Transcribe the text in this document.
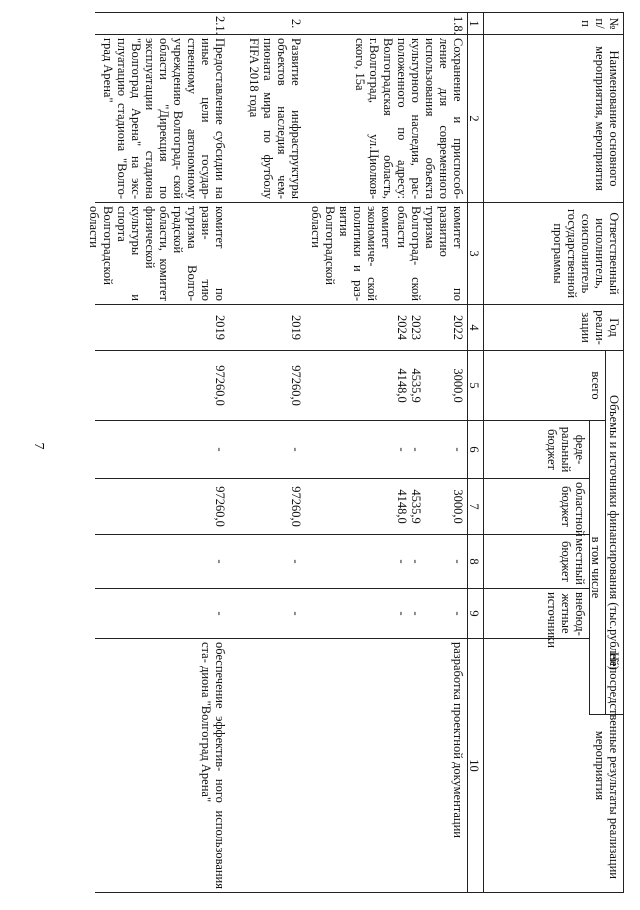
7
№ п/п
Наименование основного мероприятия, мероприятия
Ответственный исполнитель, соисполнитель государственной программы
Год реали- зации
Объемы и источники финансирования (тыс.рублей)
всего
в том числе
феде- ральный бюджет
областной бюджет
местный бюджет
внебюд- жетные источники
Непосредственные результаты реализации мероприятия
1
2
3
4
5
6
7
8
9
10
1.8.
Сохранение и приспособ- ление для современного использования объекта культурного наследия, рас- положенного по адресу: Волгоградская область, г.Волгоград, ул.Циолков- ского, 15а
комитет по развитию туризма Волгоград- ской области
комитет экономиче- ской политики и раз- вития Волгоградской области
2022
2023
2024
3000,0
4535,9
4148,0
-
-
-
3000,0
4535,9
4148,0
-
-
-
-
-
-
разработка проектной документации
2.
Развитие инфраструктуры объектов наследия чем- пионата мира по футболу FIFA 2018 года
2019
97260,0
-
97260,0
-
-
2.1.
Предоставление субсидии на иные цели государ- ственному автономному учреждению Волгоград- ской области "Дирекция по эксплуатации стадиона "Волгоград Арена" на экс- плуатацию стадиона "Волго- град Арена"
комитет по разви- тию туризма Волго- градской области, комитет физической культуры и спорта Волгоградской области
2019
97260,0
-
97260,0
-
-
обеспечение эффектив- ного использования ста- диона "Волгоград Арена"
